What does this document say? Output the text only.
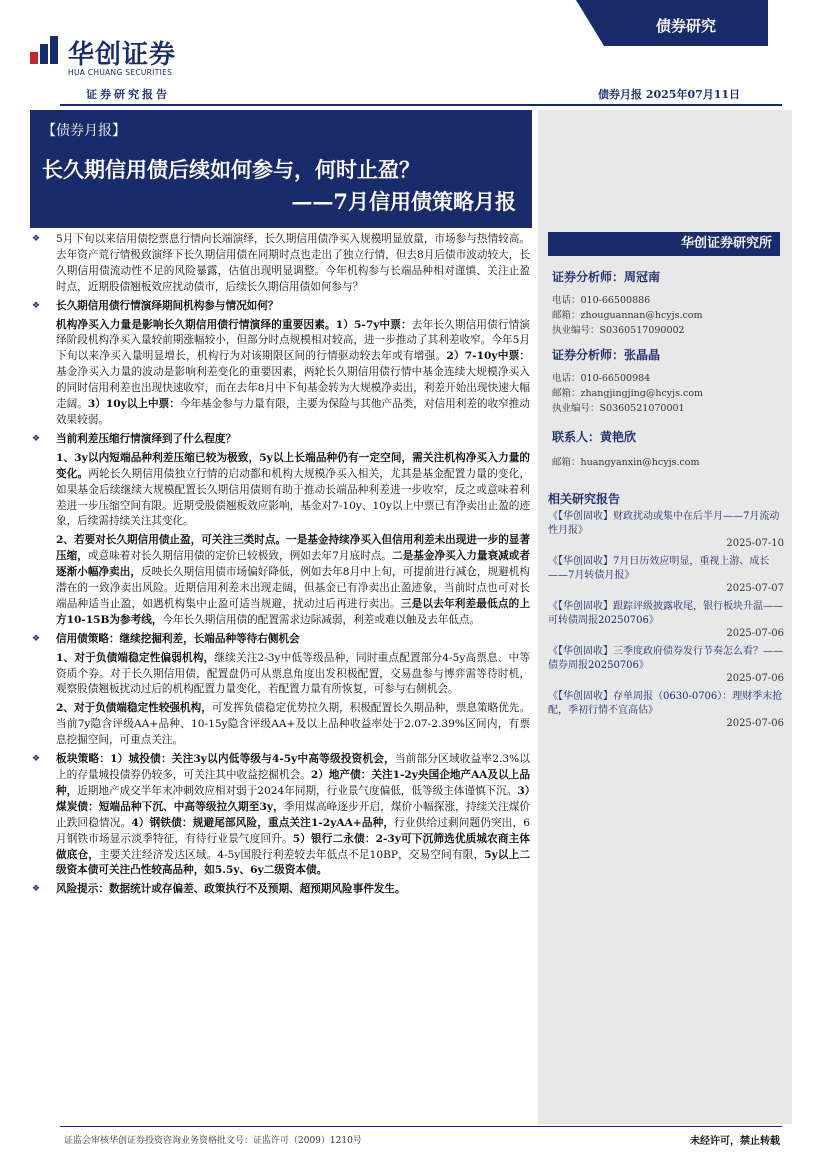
华创证券
HUA CHUANG SECURITIES
证券研究报告
债券研究
债券月报 2025年07月11日
【债券月报】
长久期信用债后续如何参与，何时止盈？
——7月信用债策略月报
华创证券研究所
证券分析师：周冠南
电话：010-66500886
邮箱：zhouguannan@hcyjs.com
执业编号：S0360517090002
证券分析师：张晶晶
电话：010-66500984
邮箱：zhangjingjing@hcyjs.com
执业编号：S0360521070001
联系人：黄艳欣
邮箱：huangyanxin@hcyjs.com
相关研究报告
《【华创固收】财政扰动或集中在后半月——7月流动性月报》
2025-07-10
《【华创固收】7月日历效应明显，重视上游、成长——7月转债月报》
2025-07-07
《【华创固收】跟踪评级披露收尾，银行板块升温——可转债周报20250706》
2025-07-06
《【华创固收】三季度政府债券发行节奏怎么看？——债券周报20250706》
2025-07-06
《【华创固收】存单周报（0630-0706）：理财季末抢配，季初行情不宜高估》
2025-07-06
❖ 5月下旬以来信用债挖票息行情向长端演绎，长久期信用债净买入规模明显放量，市场参与热情较高。去年资产荒行情极致演绎下长久期信用债在同期时点也走出了独立行情，但去8月后债市波动较大，长久期信用债流动性不足的风险暴露，估值出现明显调整。今年机构参与长端品种相对谨慎、关注止盈时点，近期股债翘板效应扰动债市，后续长久期信用债如何参与？
❖ 长久期信用债行情演绎期间机构参与情况如何？
机构净买入力量是影响长久期信用债行情演绎的重要因素。1）5-7y中票：去年长久期信用债行情演绎阶段机构净买入量较前期涨幅较小，但部分时点规模相对较高，进一步推动了其利差收窄。今年5月下旬以来净买入量明显增长，机构行为对该期限区间的行情驱动较去年或有增强。2）7-10y中票：基金净买入力量的波动是影响利差变化的重要因素，两轮长久期信用债行情中基金连续大规模净买入的同时信用利差也出现快速收窄，而在去年8月中下旬基金转为大规模净卖出，利差开始出现快速大幅走阔。3）10y以上中票：今年基金参与力量有限，主要为保险与其他产品类，对信用利差的收窄推动效果较弱。
❖ 当前利差压缩行情演绎到了什么程度？
1、3y以内短端品种利差压缩已较为极致，5y以上长端品种仍有一定空间，需关注机构净买入力量的变化。两轮长久期信用债独立行情的启动都和机构大规模净买入相关，尤其是基金配置力量的变化，如果基金后续继续大规模配置长久期信用债则有助于推动长端品种利差进一步收窄，反之或意味着利差进一步压缩空间有限。近期受股债翘板效应影响，基金对7-10y、10y以上中票已有净卖出止盈的迹象，后续需持续关注其变化。
2、若要对长久期信用债止盈，可关注三类时点。一是基金持续净买入但信用利差未出现进一步的显著压缩，或意味着对长久期信用债的定价已较极致，例如去年7月底时点。二是基金净买入力量衰减或者逐渐小幅净卖出，反映长久期信用债市场偏好降低，例如去年8月中上旬，可提前进行减仓，规避机构潜在的一致净卖出风险。近期信用利差未出现走阔，但基金已有净卖出止盈迹象，当前时点也可对长端品种适当止盈，如遇机构集中止盈可适当规避，扰动过后再进行卖出。三是以去年利差最低点的上方10-15B为参考线，今年长久期信用债的配置需求边际减弱，利差或难以触及去年低点。
❖ 信用债策略：继续挖掘利差，长端品种等待右侧机会
1、对于负债端稳定性偏弱机构，继续关注2-3y中低等级品种，同时重点配置部分4-5y高票息、中等资质个券。对于长久期信用债，配置盘仍可从票息角度出发积极配置，交易盘参与博弈需等待时机，观察股债翘板扰动过后的机构配置力量变化，若配置力量有所恢复，可参与右侧机会。
2、对于负债端稳定性较强机构，可发挥负债稳定优势拉久期，积极配置长久期品种，票息策略优先。当前7y隐含评级AA+品种、10-15y隐含评级AA+及以上品种收益率处于2.07-2.39%区间内，有票息挖掘空间，可重点关注。
❖ 板块策略：1）城投债：关注3y以内低等级与4-5y中高等级投资机会，当前部分区域收益率2.3%以上的存量城投债券仍较多，可关注其中收益挖掘机会。2）地产债：关注1-2y央国企地产AA及以上品种，近期地产成交半年末冲刺效应相对弱于2024年同期，行业景气度偏低，低等级主体谨慎下沉。3）煤炭债：短端品种下沉、中高等级拉久期至3y，季用煤高峰逐步开启，煤价小幅探涨，持续关注煤价止跌回稳情况。4）钢铁债：规避尾部风险，重点关注1-2yAA+品种，行业供给过剩问题仍突出，6月钢铁市场显示淡季特征，有待行业景气度回升。5）银行二永债：2-3y可下沉筛选优质城农商主体做底仓，主要关注经济发达区域。4-5y国股行利差较去年低点不足10BP，交易空间有限，5y以上二级资本债可关注凸性较高品种，如5.5y、6y二级资本债。
❖ 风险提示：数据统计或存偏差、政策执行不及预期、超预期风险事件发生。
证监会审核华创证券投资咨询业务资格批文号：证监许可（2009）1210号	未经许可，禁止转载
